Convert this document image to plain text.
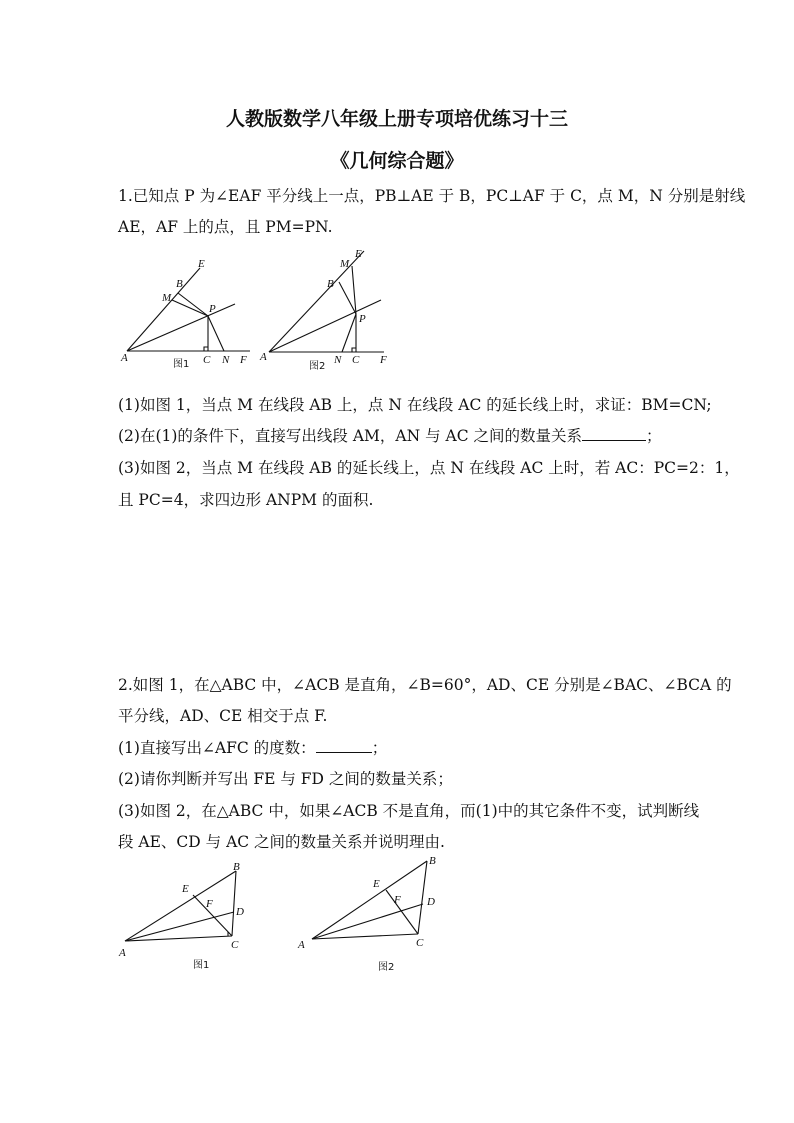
人教版数学八年级上册专项培优练习十三
《几何综合题》
1.已知点 P 为∠EAF 平分线上一点，PB⊥AE 于 B，PC⊥AF 于 C，点 M，N 分别是射线
AE，AF 上的点，且 PM=PN.
A
B
M
E
P
C N F
图1
A
B
M
E
P
N C F
图2
(1)如图 1，当点 M 在线段 AB 上，点 N 在线段 AC 的延长线上时，求证：BM=CN;
(2)在(1)的条件下，直接写出线段 AM，AN 与 AC 之间的数量关系	；
(3)如图 2，当点 M 在线段 AB 的延长线上，点 N 在线段 AC 上时，若 AC：PC=2：1，
且 PC=4，求四边形 ANPM 的面积.
2.如图 1，在△ABC 中，∠ACB 是直角，∠B=60°，AD、CE 分别是∠BAC、∠BCA 的
平分线，AD、CE 相交于点 F.
(1)直接写出∠AFC 的度数：	；
(2)请你判断并写出 FE 与 FD 之间的数量关系；
(3)如图 2，在△ABC 中，如果∠ACB 不是直角，而(1)中的其它条件不变，试判断线
段 AE、CD 与 AC 之间的数量关系并说明理由.
A
B
C
D
E
F
图1
A
B
C
D
E
F
图2
